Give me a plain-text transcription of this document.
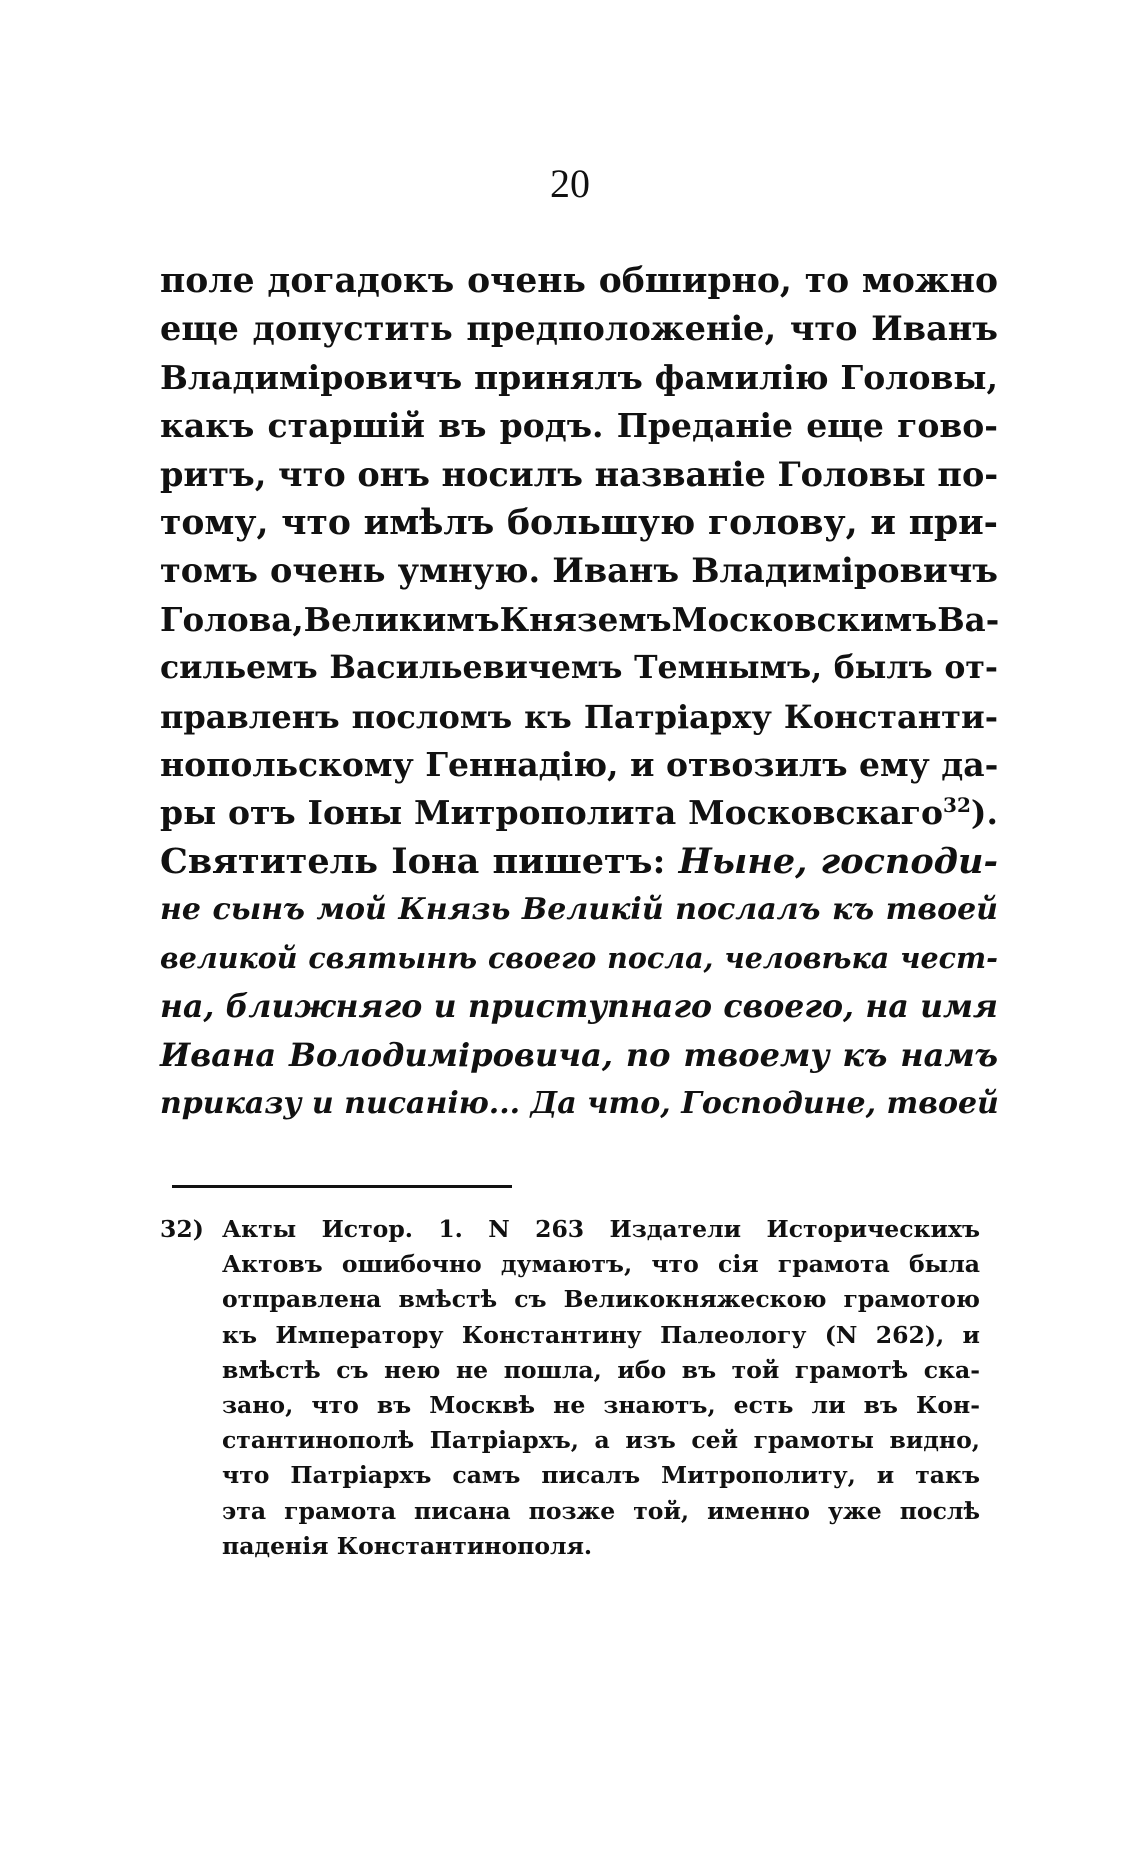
20
поле догадокъ очень обширно, то можно
еще допустить предположенiе, что Иванъ
Владимiровичъ принялъ фамилiю Головы,
какъ старшiй въ родъ. Преданiе еще гово-
ритъ, что онъ носилъ названiе Головы по-
тому, что имѣлъ большую голову, и при-
томъ очень умную. Иванъ Владимiровичъ
Голова,ВеликимъКняземъМосковскимъВа-
сильемъ Васильевичемъ Темнымъ, былъ от-
правленъ посломъ къ Патрiарху Константи-
нопольскому Геннадiю, и отвозилъ ему да-
ры отъ Iоны Митрополита Московскаго$^{32}$).
Святитель Iона пишетъ: Ныне, господи-
не сынъ мой Князь Великiй послалъ къ твоей
великой святынѣ своего посла, человѣка чест-
на, ближняго и приступнаго своего, на имя
Ивана Володимiровича, по твоему къ намъ
приказу и писанiю... Да что, Господине, твоей
32) Акты Истор. 1. N 263 Издатели Историческихъ
Актовъ ошибочно думаютъ, что сiя грамота была
отправлена вмѣстѣ съ Великокняжескою грамотою
къ Императору Константину Палеологу (N 262), и
вмѣстѣ съ нею не пошла, ибо въ той грамотѣ ска-
зано, что въ Москвѣ не знаютъ, есть ли въ Кон-
стантинополѣ Патрiархъ, а изъ сей грамоты видно,
что Патрiархъ самъ писалъ Митрополиту, и такъ
эта грамота писана позже той, именно уже послѣ
паденiя Константинополя.
